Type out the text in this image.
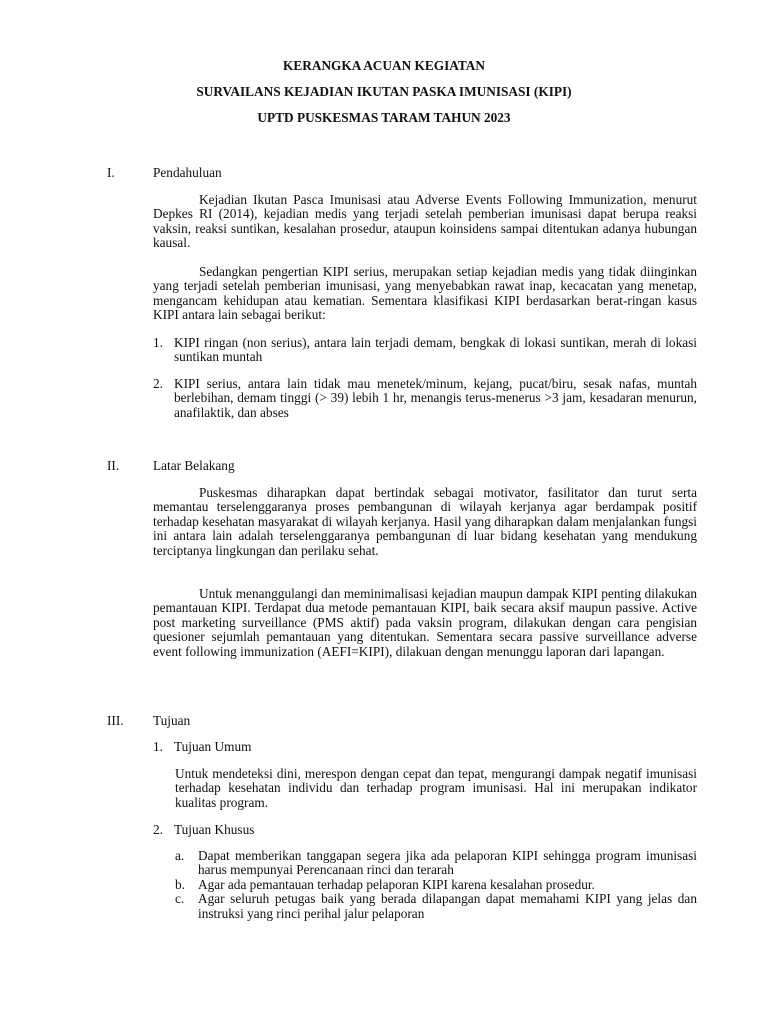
KERANGKA ACUAN KEGIATAN
SURVAILANS KEJADIAN IKUTAN PASKA IMUNISASI (KIPI)
UPTD PUSKESMAS TARAM TAHUN 2023
I.	Pendahuluan

Kejadian Ikutan Pasca Imunisasi atau Adverse Events Following Immunization, menurut Depkes RI (2014), kejadian medis yang terjadi setelah pemberian imunisasi dapat berupa reaksi vaksin, reaksi suntikan, kesalahan prosedur, ataupun koinsidens sampai ditentukan adanya hubungan kausal.

Sedangkan pengertian KIPI serius, merupakan setiap kejadian medis yang tidak diinginkan yang terjadi setelah pemberian imunisasi, yang menyebabkan rawat inap, kecacatan yang menetap, mengancam kehidupan atau kematian. Sementara klasifikasi KIPI berdasarkan berat-ringan kasus KIPI antara lain sebagai berikut:

1. KIPI ringan (non serius), antara lain terjadi demam, bengkak di lokasi suntikan, merah di lokasi suntikan muntah
2. KIPI serius, antara lain tidak mau menetek/minum, kejang, pucat/biru, sesak nafas, muntah berlebihan, demam tinggi (> 39) lebih 1 hr, menangis terus-menerus >3 jam, kesadaran menurun, anafilaktik, dan abses
II.	Latar Belakang

Puskesmas diharapkan dapat bertindak sebagai motivator, fasilitator dan turut serta memantau terselenggaranya proses pembangunan di wilayah kerjanya agar berdampak positif terhadap kesehatan masyarakat di wilayah kerjanya. Hasil yang diharapkan dalam menjalankan fungsi ini antara lain adalah terselenggaranya pembangunan di luar bidang kesehatan yang mendukung terciptanya lingkungan dan perilaku sehat.

Untuk menanggulangi dan meminimalisasi kejadian maupun dampak KIPI penting dilakukan pemantauan KIPI. Terdapat dua metode pemantauan KIPI, baik secara aksif maupun passive. Active post marketing surveillance (PMS aktif) pada vaksin program, dilakukan dengan cara pengisian quesioner sejumlah pemantauan yang ditentukan. Sementara secara passive surveillance adverse event following immunization (AEFI=KIPI), dilakuan dengan menunggu laporan dari lapangan.

III. Tujuan
1. Tujuan Umum
Untuk mendeteksi dini, merespon dengan cepat dan tepat, mengurangi dampak negatif imunisasi terhadap kesehatan individu dan terhadap program imunisasi. Hal ini merupakan indikator kualitas program.
2. Tujuan Khusus
a. Dapat memberikan tanggapan segera jika ada pelaporan KIPI sehingga program imunisasi harus mempunyai Perencanaan rinci dan terarah
b. Agar ada pemantauan terhadap pelaporan KIPI karena kesalahan prosedur.
c. Agar seluruh petugas baik yang berada dilapangan dapat memahami KIPI yang jelas dan instruksi yang rinci perihal jalur pelaporan
